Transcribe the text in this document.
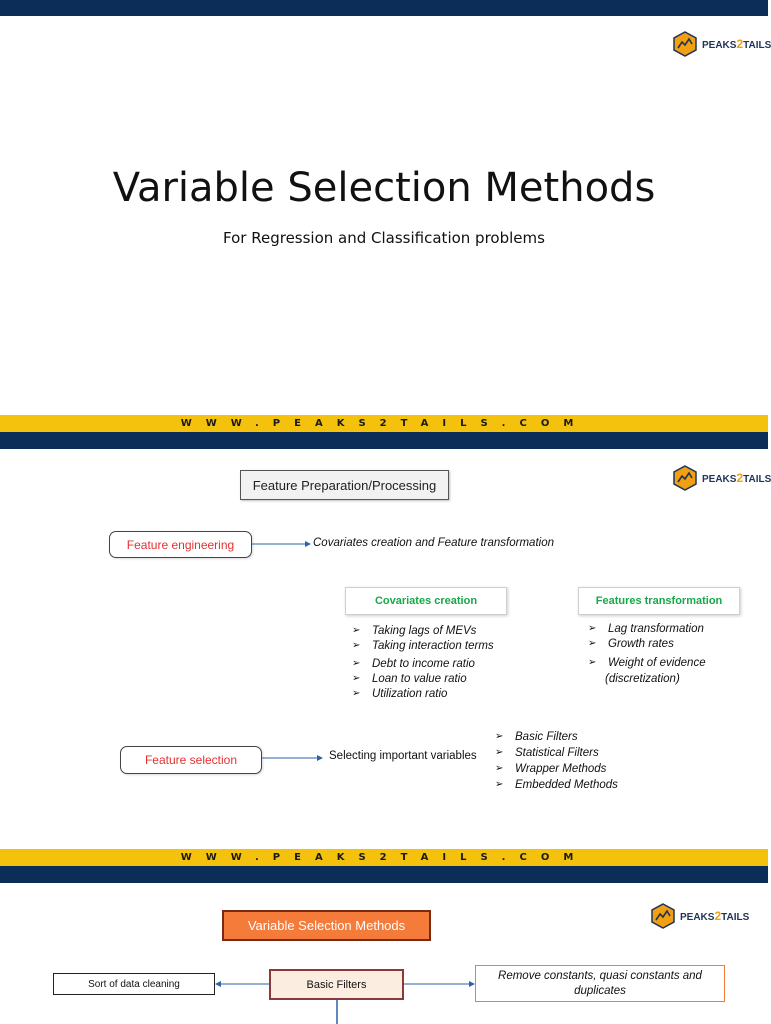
PEAKS2TAILS
Variable Selection Methods
For Regression and Classification problems
WWW.PEAKS2TAILS.COM
Feature Preparation/Processing	PEAKS2TAILS
Feature engineering	Covariates creation and Feature transformation
Covariates creation	Features transformation
➢ Taking lags of MEVs
➢ Taking interaction terms
➢ Debt to income ratio
➢ Loan to value ratio
➢ Utilization ratio
➢ Lag transformation
➢ Growth rates
➢ Weight of evidence
(discretization)
Feature selection	Selecting important variables
➢ Basic Filters
➢ Statistical Filters
➢ Wrapper Methods
➢ Embedded Methods
WWW.PEAKS2TAILS.COM
Variable Selection Methods
PEAKS2TAILS
Sort of data cleaning	Basic Filters
Remove constants, quasi constants and duplicates
